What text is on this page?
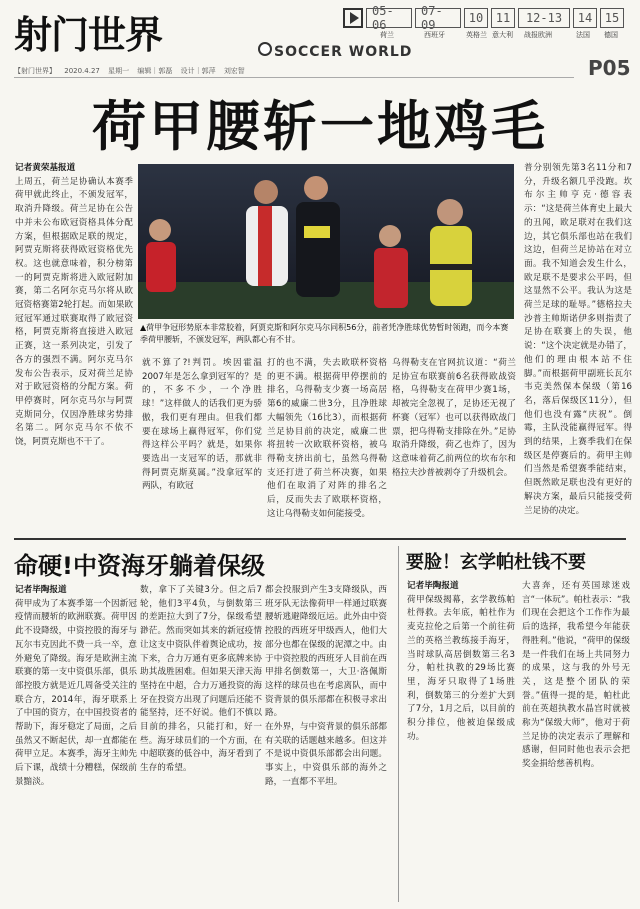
射门世界	SOCCER WORLD
05-06
07-09	10	11	12-13	14	15
荷兰	西班牙	英格兰 意大利 战报欧洲	法国 德国
【射门世界】 2020.4.27 星期一 编辑｜郭磊 设计｜郭萍 刘宏智	P05
荷甲腰斩一地鸡毛
记者黄荣基报道

上周五，荷兰足协确认本赛季荷甲就此终止，不颁发冠军，取消升降级。荷兰足协在公告中并未公布欧冠资格具体分配方案，但根据欧足联的规定，阿贾克斯将获得欧冠资格优先权。这也就意味着，积分榜第一的阿贾克斯将进入欧冠附加赛，第二名阿尔克马尔将从欧冠资格赛第2轮打起。而如果欧冠冠军通过联赛取得了欧冠资格，阿贾克斯将直接进入欧冠正赛，这一系列决定，引发了各方的强烈不满。阿尔克马尔发布公告表示，反对荷兰足协对于欧冠资格的分配方案。荷甲停赛时，阿尔克马尔与阿贾克斯同分，仅因净胜球劣势排名第二。阿尔克马尔不依不饶，阿贾克斯也不干了。

▲荷甲争冠形势原本非常胶着，阿贾克斯和阿尔克马尔同积56分，前者凭净胜球优势暂时领跑，而今本赛季荷甲腰斩，不颁发冠军，两队都心有不甘。
就不算了?!判罚。埃因霍温2007年是怎么拿到冠军的？是的，不多不少，一个净胜球！”这样做人的话我们更为骄傲，我们更有理由。但我们都要在球场上赢得冠军，你们觉得这样公平吗？就是，如果你要选出一支冠军的话，那就非得阿贾克斯莫属。”没拿冠军的两队，有欧冠
打的也不满，失去欧联杯资格的更不满。根据荷甲停摆前的排名，乌得勒支少赛一场高居第6的威廉二世3分，且净胜球大幅领先（16比3），而根据荷兰足协目前的决定，威廉二世将扭转一次欧联杯资格，被乌得勒支挤出前七，虽然乌得勒支还打进了荷兰杯决赛，如果他们在取消了对阵的排名之后，反而失去了欧联杯资格，这让乌得勒支如何能接受。
乌得勒支在官网抗议道：“荷兰足协宣布联赛前6名获得欧战资格，乌得勒支在荷甲少赛1场，却被完全忽视了，足协还无视了杯赛（冠军）也可以获得欧战门票，把乌得勒支排除在外。”足协取消升降级，荷乙也炸了，因为这意味着荷乙前两位的坎布尔和格拉夫沙普被剥夺了升级机会。
普分别领先第3名11分和7分，升级名额几乎没跑。坎布尔主帅亨克·德容表示：“这是荷兰体育史上最大的丑闻，欧足联对在我们这边，其它俱乐部也站在我们这边，但荷兰足协站在对立面。我不知道会发生什么，欧足联不是要求公平吗，但这显然不公平。我认为这是荷兰足球的耻辱。”德格拉夫沙普主帅斯诺伊多则指责了足协在联赛上的失误，他说：“这个决定就是办错了，他们的理由根本站不住脚。”而根据荷甲副班长瓦尔韦克美然保本保级（第16名，落后保级区11分），但他们也没有露“庆祝”。倒霉，主队没能赢得冠军。得到的结果，上赛季我们在保级区是停赛后的。荷甲主帅们当然是希望赛季能结束，但既然欧足联也没有更好的解决方案，最后只能接受荷兰足协的决定。
命硬!中资海牙躺着保级
记者毕陶报道

荷甲成为了本赛季第一个因新冠疫情而腰斩的欧洲联赛。荷甲因此不设降级，中资控股的海牙与瓦尔韦克因此不费一兵一卒，意外避免了降级。海牙是欧洲主流联赛的第一支中资俱乐部，俱乐部控股方就是近几周备受关注的联合方，2014年，海牙联系上了中国的资方，在中国投资者的帮助下，海牙稳定了局面，之后虽然又不断起伏，却一直都能在荷甲立足。本赛季，海牙主帅先后下课，战绩十分糟糕，保级前景黯淡。

数，拿下了关键3分。但之后7轮，他们3平4负，与倒数第三的差距拉大到了7分，保级希望渺茫。然而突如其来的新冠疫情让这支中资队伴着舆论成功，按下来，合力万通有更多底牌来协助其战胜困难。但如果天津天海坚持在中超，合力万通投资的海牙在投资方出现了问题后还能不能坚持，还不好说。他们不慎以目前的排名，只能打和，好一些。海牙球员们的一个方面，在中超联赛的低谷中，海牙看到了生存的希望。

都会投服到产生3支降级队，西班牙队无法像荷甲一样通过联赛腰斩逃避降级厄运。此外由中资控股的西班牙甲级西人，他们大部分也都在保级的泥潭之中。由于中资控股的西班牙人目前在西甲排名倒数第一，大卫·洛佩斯这样的球员也在考虑离队，而中资背景的俱乐部都在积极寻求出路。

在外界，与中资背景的俱乐部都有关联的话题越来越多。但这并不是说中资俱乐部都会出问题。事实上，中资俱乐部的海外之路，一直都不平坦。

要脸！玄学帕杜钱不要
记者毕陶报道

荷甲保级揭幕，玄学教练帕杜得救。去年底，帕杜作为麦克拉伦之后第一个前往荷兰的英格兰教练接手海牙，当时球队高居倒数第三名3分，帕杜执教的29场比赛里，海牙只取得了1场胜利，倒数第三的分差扩大到了7分，1月之后，以目前的积分排位，他被迫保级成功。

大喜奔，还有英国球迷戏言“一体玩”。帕杜表示：“我们现在会把这个工作作为最后的选择，我希望今年能获得胜利。”他说，“荷甲的保级是一件我们在场上共同努力的成果，这与我的外号无关，这是整个团队的荣誉。”值得一提的是，帕杜此前在英超执教水晶宫时就被称为“保级大师”，他对于荷兰足协的决定表示了理解和感谢，但同时他也表示会把奖金捐给慈善机构。
